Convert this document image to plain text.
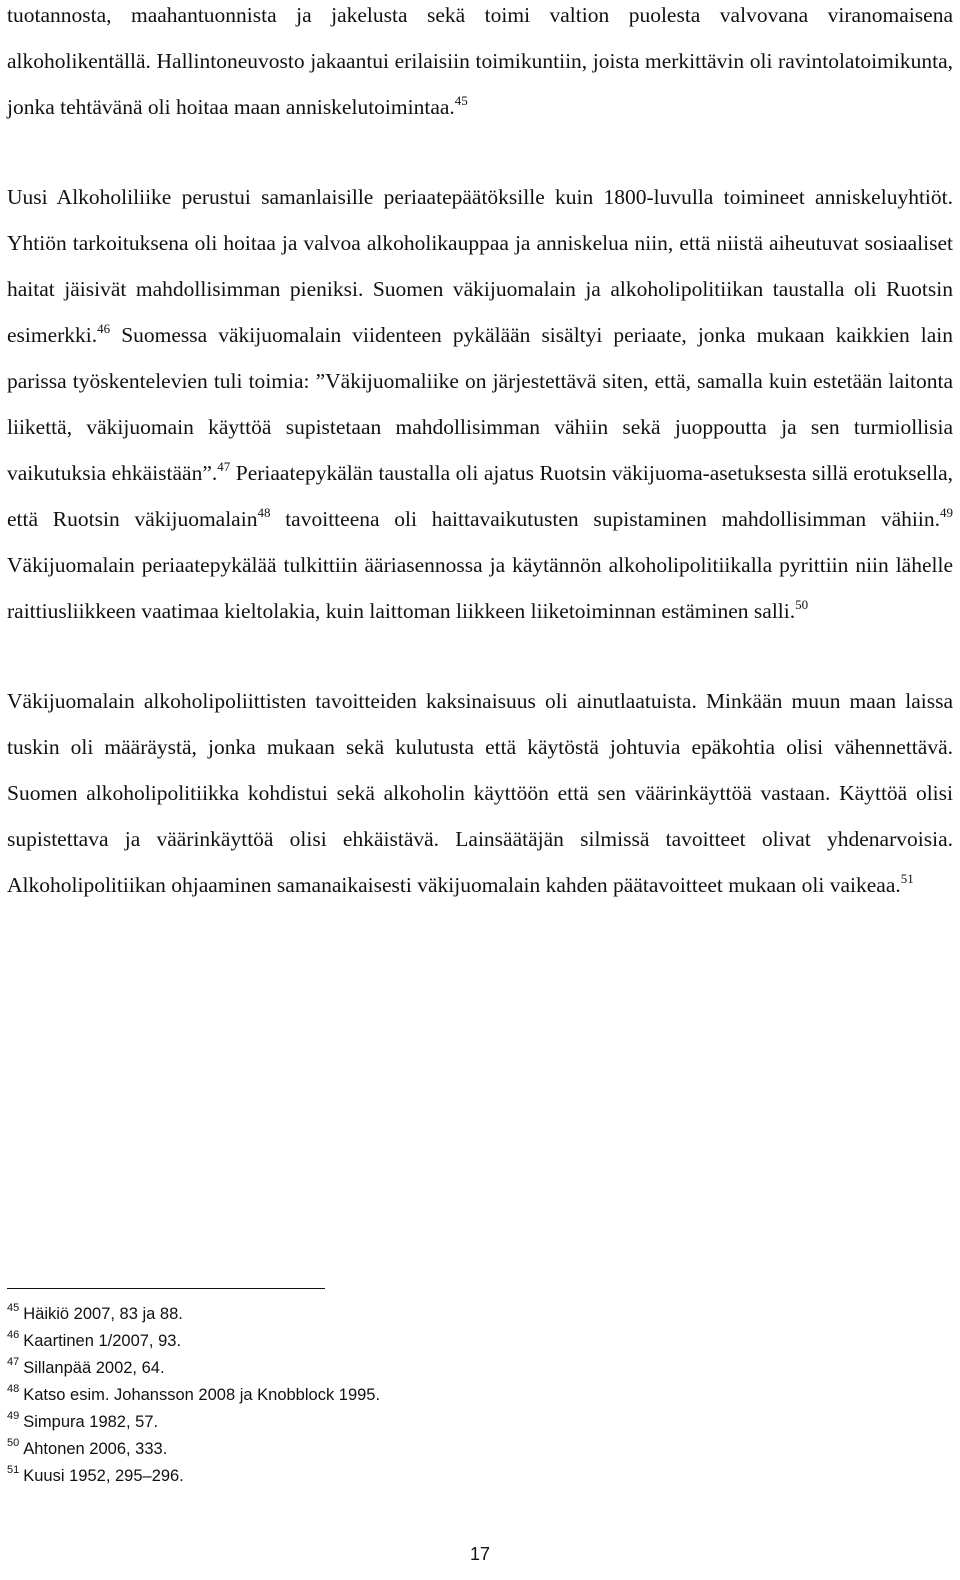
tuotannosta, maahantuonnista ja jakelusta sekä toimi valtion puolesta valvovana viranomaisena alkoholikentällä. Hallintoneuvosto jakaantui erilaisiin toimikuntiin, joista merkittävin oli ravintolatoimikunta, jonka tehtävänä oli hoitaa maan anniskelutoimintaa.$^{45}$

Uusi Alkoholiliike perustui samanlaisille periaatepäätöksille kuin 1800-luvulla toimineet anniskeluyhtiöt. Yhtiön tarkoituksena oli hoitaa ja valvoa alkoholikauppaa ja anniskelua niin, että niistä aiheutuvat sosiaaliset haitat jäisivät mahdollisimman pieniksi. Suomen väkijuomalain ja alkoholipolitiikan taustalla oli Ruotsin esimerkki.$^{46}$ Suomessa väkijuomalain viidenteen pykälään sisältyi periaate, jonka mukaan kaikkien lain parissa työskentelevien tuli toimia: ”Väkijuomaliike on järjestettävä siten, että, samalla kuin estetään laitonta liikettä, väkijuomain käyttöä supistetaan mahdollisimman vähiin sekä juoppoutta ja sen turmiollisia vaikutuksia ehkäistään”.$^{47}$ Periaatepykälän taustalla oli ajatus Ruotsin väkijuoma-asetuksesta sillä erotuksella, että Ruotsin väkijuomalain$^{48}$ tavoitteena oli haittavaikutusten supistaminen mahdollisimman vähiin.$^{49}$ Väkijuomalain periaatepykälää tulkittiin ääriasennossa ja käytännön alkoholipolitiikalla pyrittiin niin lähelle raittiusliikkeen vaatimaa kieltolakia, kuin laittoman liikkeen liiketoiminnan estäminen salli.$^{50}$

Väkijuomalain alkoholipoliittisten tavoitteiden kaksinaisuus oli ainutlaatuista. Minkään muun maan laissa tuskin oli määräystä, jonka mukaan sekä kulutusta että käytöstä johtuvia epäkohtia olisi vähennettävä. Suomen alkoholipolitiikka kohdistui sekä alkoholin käyttöön että sen väärinkäyttöä vastaan. Käyttöä olisi supistettava ja väärinkäyttöä olisi ehkäistävä. Lainsäätäjän silmissä tavoitteet olivat yhdenarvoisia. Alkoholipolitiikan ohjaaminen samanaikaisesti väkijuomalain kahden päätavoitteet mukaan oli vaikeaa.$^{51}$

$^{45}$ Häikiö 2007, 83 ja 88.
$^{46}$ Kaartinen 1/2007, 93.
$^{47}$ Sillanpää 2002, 64.
$^{48}$ Katso esim. Johansson 2008 ja Knobblock 1995.
$^{49}$ Simpura 1982, 57.
$^{50}$ Ahtonen 2006, 333.
$^{51}$ Kuusi 1952, 295–296.
17
